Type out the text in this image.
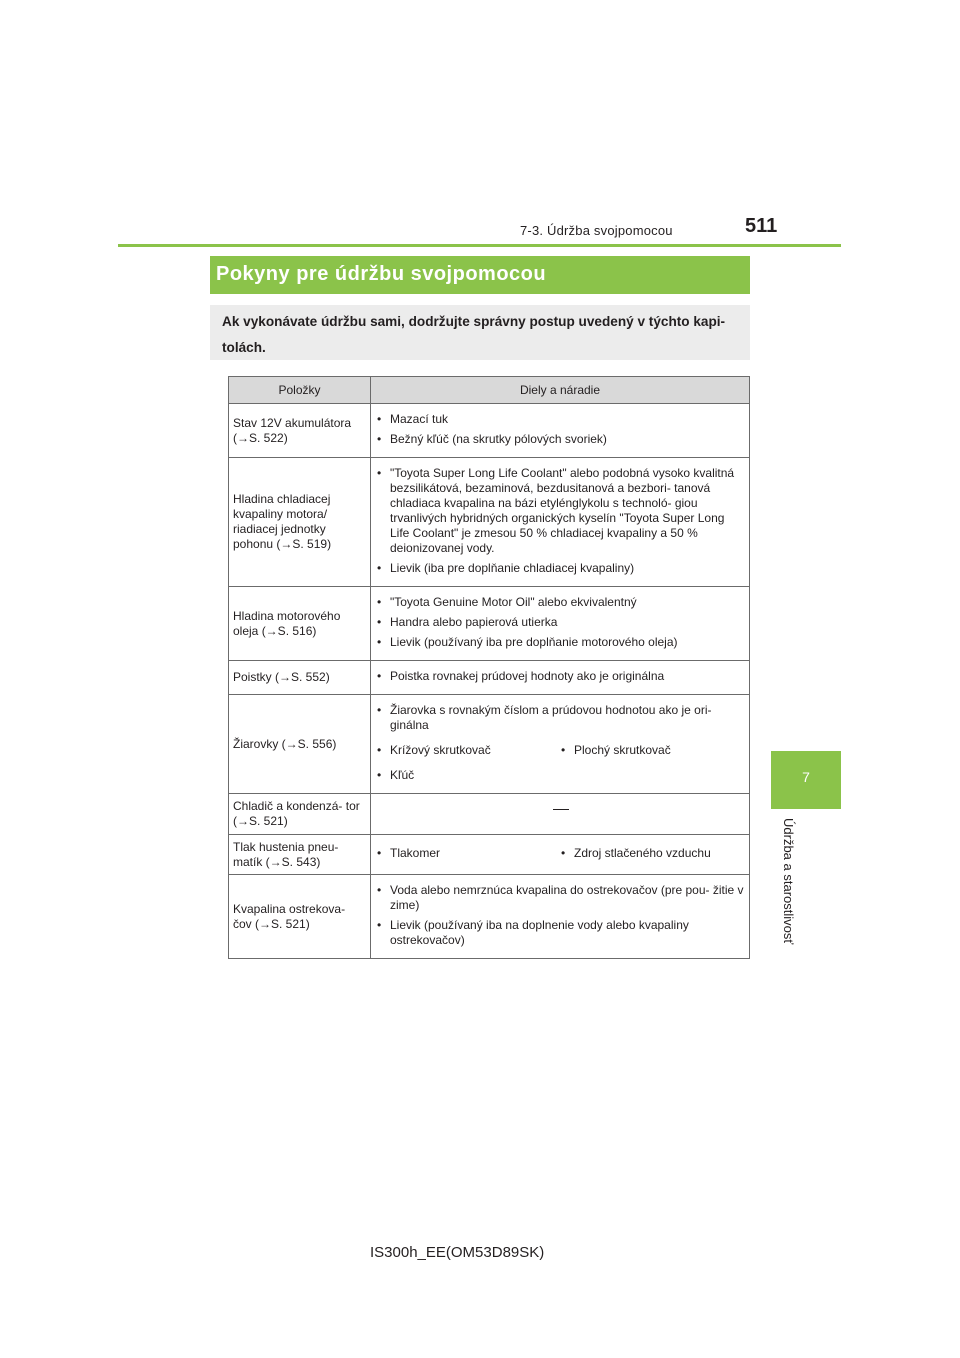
7-3. Údržba svojpomocou	511
7
Údržba a starostlivosť
Pokyny pre údržbu svojpomocou
Ak vykonávate údržbu sami, dodržujte správny postup uvedený v týchto kapi- tolách.
Položky	Diely a náradie
Stav 12V akumulátora (→S. 522)	• Mazací tuk
• Bežný kľúč (na skrutky pólových svoriek)

Hladina chladiacej kvapaliny motora/ riadiacej jednotky pohonu (→S. 519)	• "Toyota Super Long Life Coolant" alebo podobná vysoko kvalitná bezsilikátová, bezaminová, bezdusitanová a bezbori- tanová chladiaca kvapalina na bázi etylénglykolu s technoló- giou trvanlivých hybridných organických kyselín "Toyota Super Long Life Coolant" je zmesou 50 % chladiacej kvapaliny a 50 % deionizovanej vody.
• Lievik (iba pre doplňanie chladiacej kvapaliny)

Hladina motorového oleja (→S. 516)	• "Toyota Genuine Motor Oil" alebo ekvivalentný
• Handra alebo papierová utierka
• Lievik (používaný iba pre doplňanie motorového oleja)

Poistky (→S. 552)	• Poistka rovnakej prúdovej hodnoty ako je originálna

Žiarovky (→S. 556)	• Žiarovka s rovnakým číslom a prúdovou hodnotou ako je ori- ginálna
• Krížový skrutkovač • Plochý skrutkovač
• Kľúč

Chladič a kondenzá- tor (→S. 521)	

Tlak hustenia pneu- matík (→S. 543)	• Tlakomer • Zdroj stlačeného vzduchu

Kvapalina ostrekova- čov (→S. 521)	• Voda alebo nemrznúca kvapalina do ostrekovačov (pre pou- žitie v zime)
• Lievik (používaný iba na doplnenie vody alebo kvapaliny ostrekovačov)
IS300h_EE(OM53D89SK)
